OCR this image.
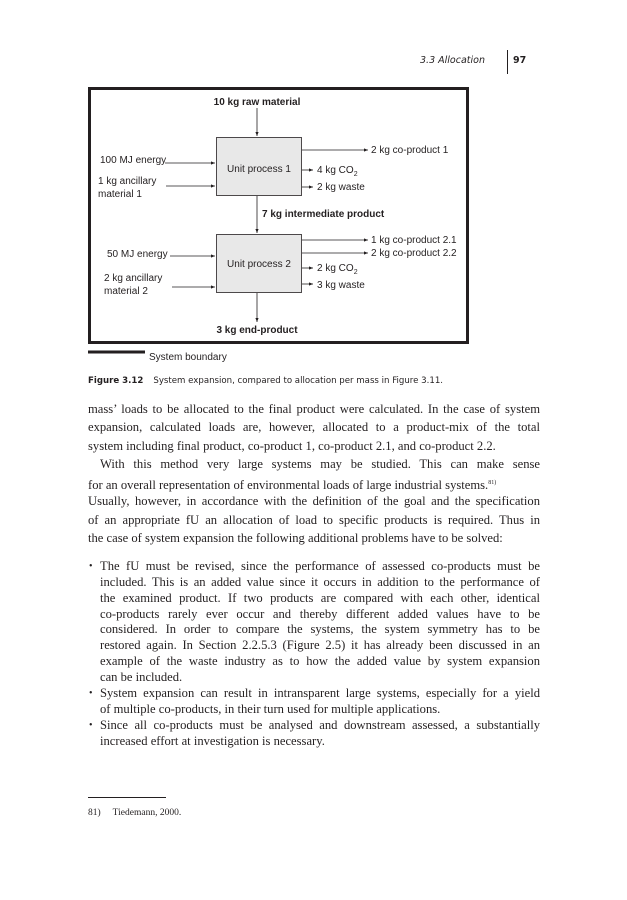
3.3 Allocation	97
10 kg raw material
Unit process 1
100 MJ energy
1 kg ancillary
material 1
2 kg co-product 1
4 kg $CO_2$
2 kg waste
7 kg intermediate product
Unit process 2
50 MJ energy
2 kg ancillary
material 2
1 kg co-product 2.1
2 kg co-product 2.2
2 kg $CO_2$
3 kg waste
3 kg end-product
System boundary
Figure 3.12 System expansion, compared to allocation per mass in Figure 3.11.
mass’ loads to be allocated to the final product were calculated. In the case of system
expansion, calculated loads are, however, allocated to a product-mix of the total
system including final product, co-product 1, co-product 2.1, and co-product 2.2.
With this method very large systems may be studied. This can make sense
for an overall representation of environmental loads of large industrial systems.$^{81)}$
Usually, however, in accordance with the definition of the goal and the specification
of an appropriate fU an allocation of load to specific products is required. Thus in
the case of system expansion the following additional problems have to be solved:
• The fU must be revised, since the performance of assessed co-products must be
included. This is an added value since it occurs in addition to the performance of
the examined product. If two products are compared with each other, identical
co-products rarely ever occur and thereby different added values have to be
considered. In order to compare the systems, the system symmetry has to be
restored again. In Section 2.2.5.3 (Figure 2.5) it has already been discussed in an
example of the waste industry as to how the added value by system expansion
can be included.
• System expansion can result in intransparent large systems, especially for a yield
of multiple co-products, in their turn used for multiple applications.
• Since all co-products must be analysed and downstream assessed, a substantially
increased effort at investigation is necessary.
81) Tiedemann, 2000.
